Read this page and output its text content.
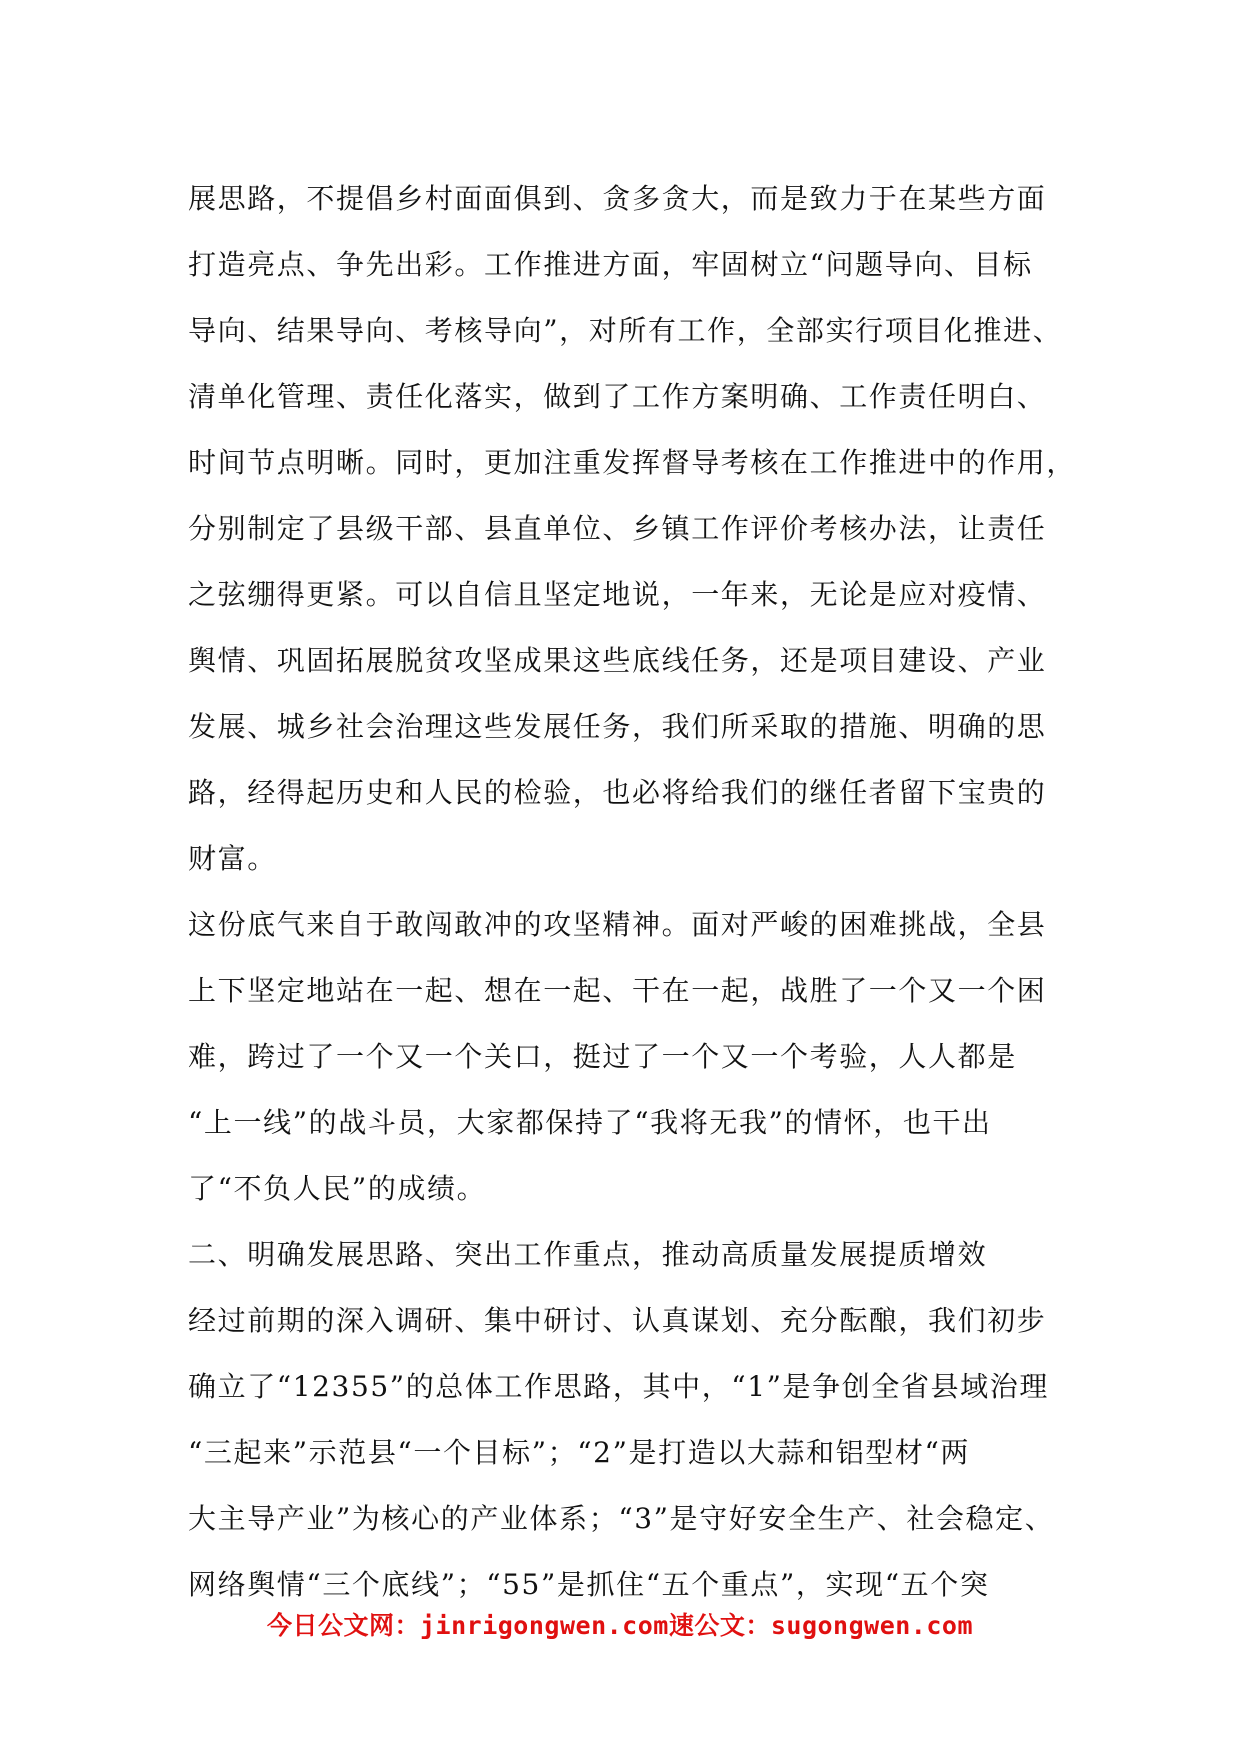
展思路，不提倡乡村面面俱到、贪多贪大，而是致力于在某些方面
打造亮点、争先出彩。工作推进方面，牢固树立“问题导向、目标
导向、结果导向、考核导向”，对所有工作，全部实行项目化推进、
清单化管理、责任化落实，做到了工作方案明确、工作责任明白、
时间节点明晰。同时，更加注重发挥督导考核在工作推进中的作用，
分别制定了县级干部、县直单位、乡镇工作评价考核办法，让责任
之弦绷得更紧。可以自信且坚定地说，一年来，无论是应对疫情、
舆情、巩固拓展脱贫攻坚成果这些底线任务，还是项目建设、产业
发展、城乡社会治理这些发展任务，我们所采取的措施、明确的思
路，经得起历史和人民的检验，也必将给我们的继任者留下宝贵的
财富。
这份底气来自于敢闯敢冲的攻坚精神。面对严峻的困难挑战，全县
上下坚定地站在一起、想在一起、干在一起，战胜了一个又一个困
难，跨过了一个又一个关口，挺过了一个又一个考验，人人都是
“上一线”的战斗员，大家都保持了“我将无我”的情怀，也干出
了“不负人民”的成绩。
二、明确发展思路、突出工作重点，推动高质量发展提质增效
经过前期的深入调研、集中研讨、认真谋划、充分酝酿，我们初步
确立了“12355”的总体工作思路，其中，“1”是争创全省县域治理
“三起来”示范县“一个目标”；“2”是打造以大蒜和铝型材“两
大主导产业”为核心的产业体系；“3”是守好安全生产、社会稳定、
网络舆情“三个底线”；“55”是抓住“五个重点”，实现“五个突
今日公文网：jinrigongwen.com速公文：sugongwen.com
